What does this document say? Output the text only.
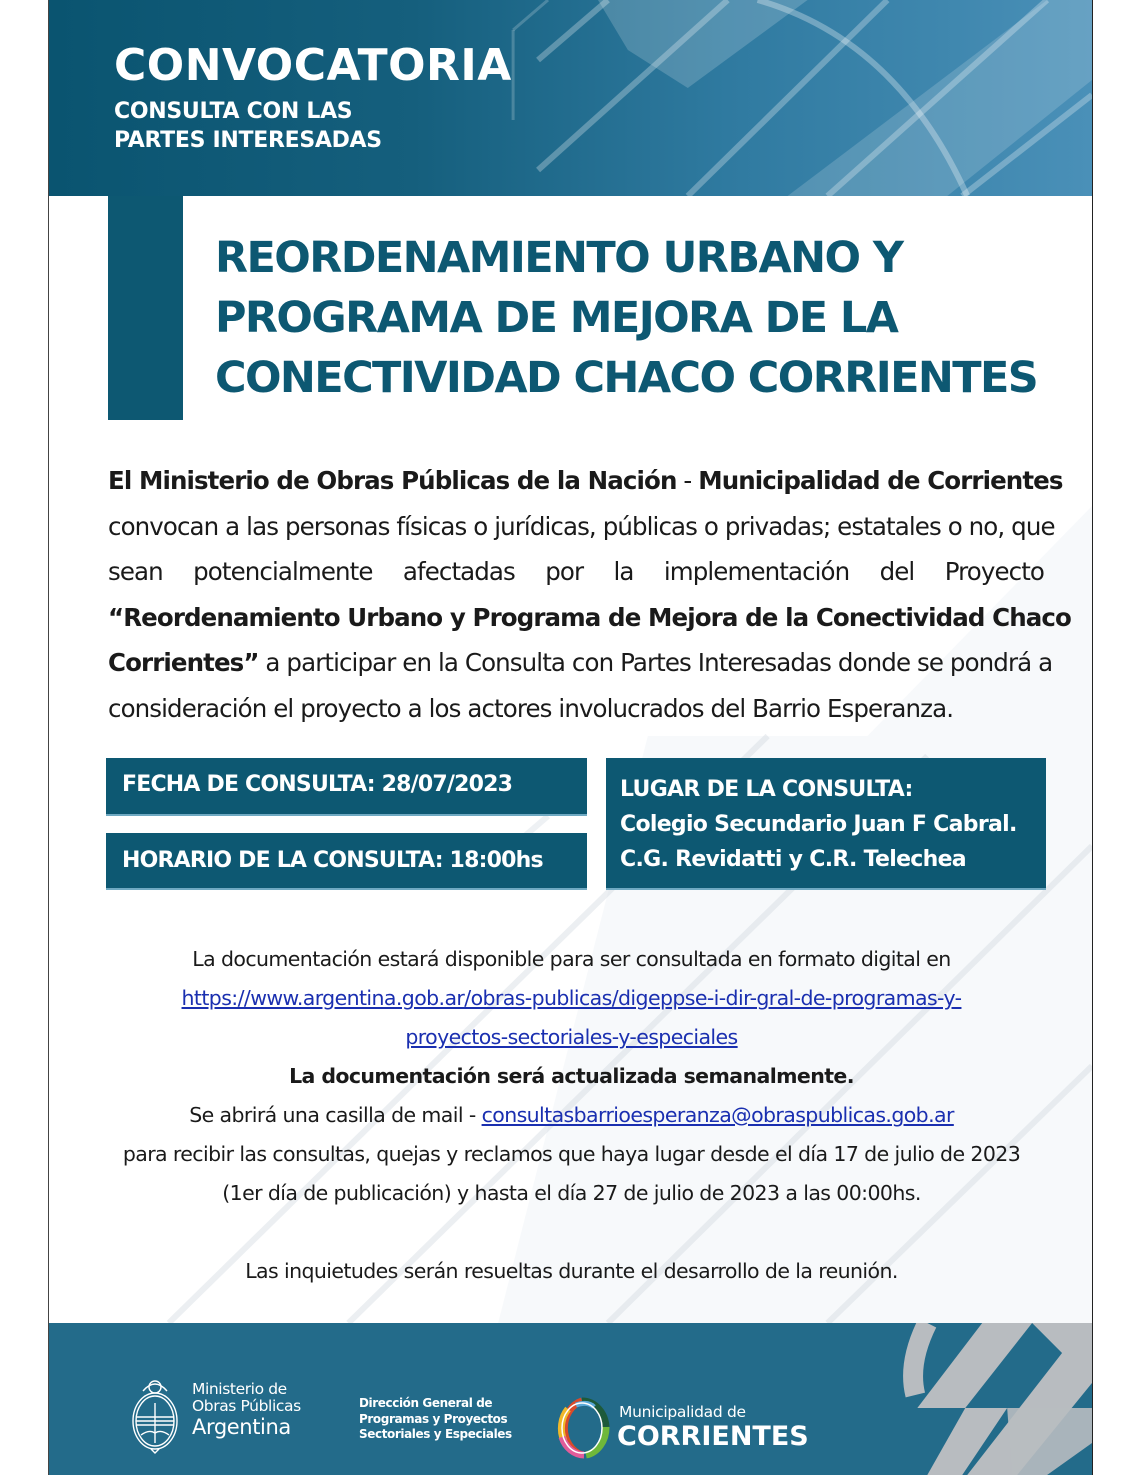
CONVOCATORIA
CONSULTA CON LAS
PARTES INTERESADAS
REORDENAMIENTO URBANO Y
PROGRAMA DE MEJORA DE LA
CONECTIVIDAD CHACO CORRIENTES
El Ministerio de Obras Públicas de la Nación - Municipalidad de Corrientes
convocan a las personas físicas o jurídicas, públicas o privadas; estatales o no, que
sean potencialmente afectadas por la implementación del Proyecto
“Reordenamiento Urbano y Programa de Mejora de la Conectividad Chaco
Corrientes” a participar en la Consulta con Partes Interesadas donde se pondrá a
consideración el proyecto a los actores involucrados del Barrio Esperanza.
FECHA DE CONSULTA: 28/07/2023
HORARIO DE LA CONSULTA: 18:00hs
LUGAR DE LA CONSULTA:
Colegio Secundario Juan F Cabral.
C.G. Revidatti y C.R. Telechea
La documentación estará disponible para ser consultada en formato digital en
https://www.argentina.gob.ar/obras-publicas/digeppse-i-dir-gral-de-programas-y-
proyectos-sectoriales-y-especiales
La documentación será actualizada semanalmente.
Se abrirá una casilla de mail - consultasbarrioesperanza@obraspublicas.gob.ar
para recibir las consultas, quejas y reclamos que haya lugar desde el día 17 de julio de 2023
(1er día de publicación) y hasta el día 27 de julio de 2023 a las 00:00hs.
Las inquietudes serán resueltas durante el desarrollo de la reunión.
Ministerio de
Obras Públicas
Argentina
Dirección General de
Programas y Proyectos
Sectoriales y Especiales
Municipalidad de
CORRIENTES
